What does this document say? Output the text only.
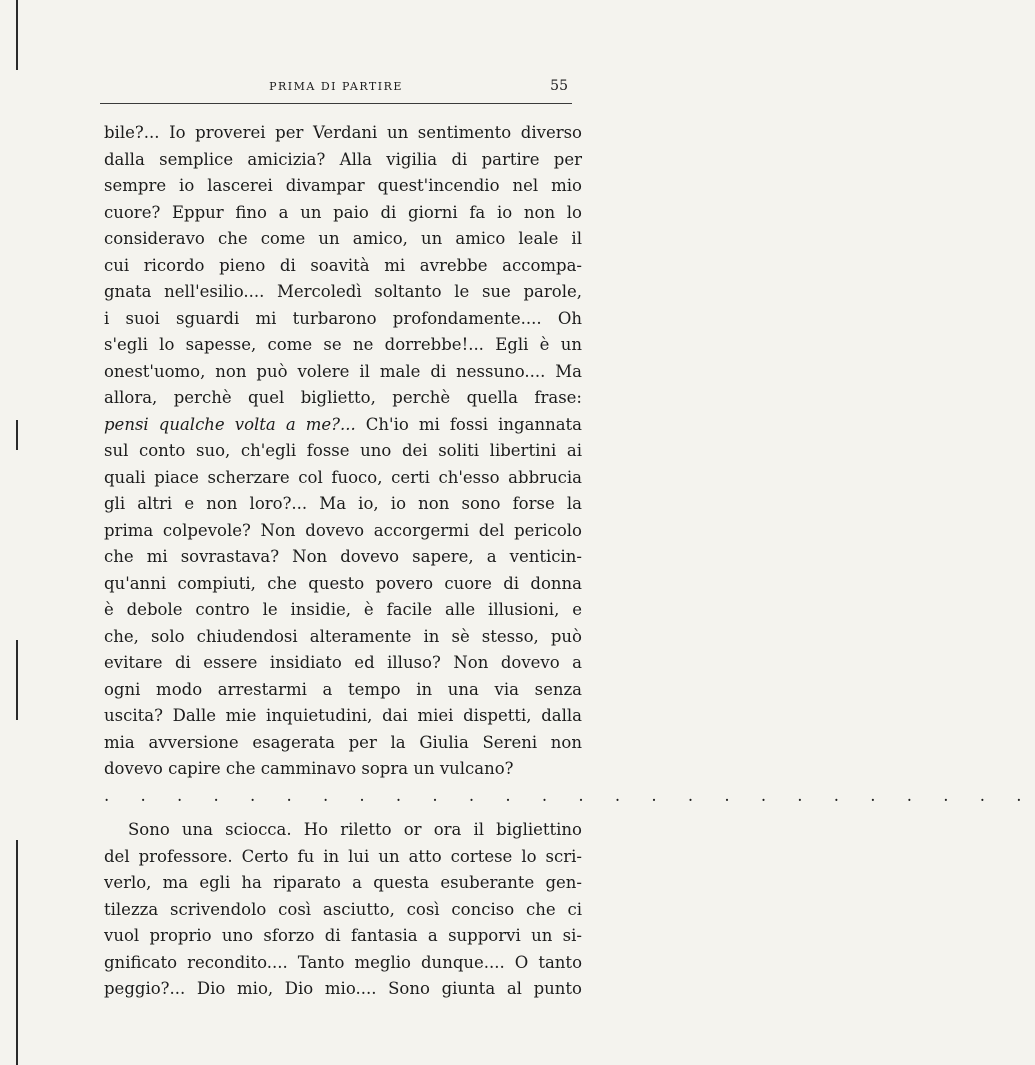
PRIMA DI PARTIRE	55
bile?... Io proverei per Verdani un sentimento diverso
dalla semplice amicizia? Alla vigilia di partire per
sempre io lascerei divampar quest'incendio nel mio
cuore? Eppur fino a un paio di giorni fa io non lo
consideravo che come un amico, un amico leale il
cui ricordo pieno di soavità mi avrebbe accompa-
gnata nell'esilio.... Mercoledì soltanto le sue parole,
i suoi sguardi mi turbarono profondamente.... Oh
s'egli lo sapesse, come se ne dorrebbe!... Egli è un
onest'uomo, non può volere il male di nessuno.... Ma
allora, perchè quel biglietto, perchè quella frase:
pensi qualche volta a me?... Ch'io mi fossi ingannata
sul conto suo, ch'egli fosse uno dei soliti libertini ai
quali piace scherzare col fuoco, certi ch'esso abbrucia
gli altri e non loro?... Ma io, io non sono forse la
prima colpevole? Non dovevo accorgermi del pericolo
che mi sovrastava? Non dovevo sapere, a venticin-
qu'anni compiuti, che questo povero cuore di donna
è debole contro le insidie, è facile alle illusioni, e
che, solo chiudendosi alteramente in sè stesso, può
evitare di essere insidiato ed illuso? Non dovevo a
ogni modo arrestarmi a tempo in una via senza
uscita? Dalle mie inquietudini, dai miei dispetti, dalla
mia avversione esagerata per la Giulia Sereni non
dovevo capire che camminavo sopra un vulcano?
. . . . . . . . . . . . . . . . . . . . . . . . . .
Sono una sciocca. Ho riletto or ora il bigliettino
del professore. Certo fu in lui un atto cortese lo scri-
verlo, ma egli ha riparato a questa esuberante gen-
tilezza scrivendolo così asciutto, così conciso che ci
vuol proprio uno sforzo di fantasia a supporvi un si-
gnificato recondito.... Tanto meglio dunque.... O tanto
peggio?... Dio mio, Dio mio.... Sono giunta al punto
